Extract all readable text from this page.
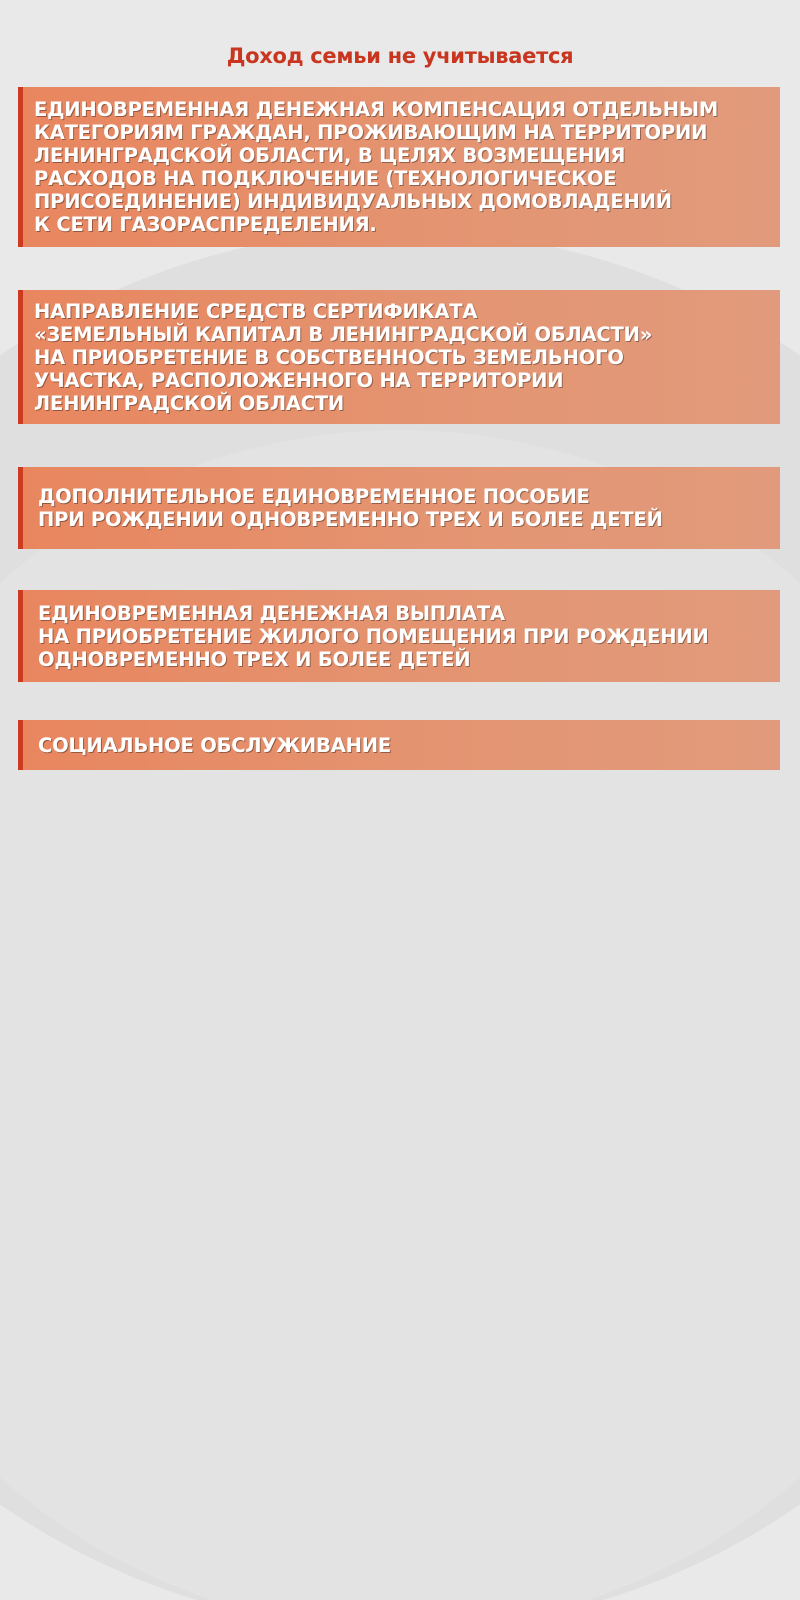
Доход семьи не учитывается
ЕДИНОВРЕМЕННАЯ ДЕНЕЖНАЯ КОМПЕНСАЦИЯ ОТДЕЛЬНЫМ
КАТЕГОРИЯМ ГРАЖДАН, ПРОЖИВАЮЩИМ НА ТЕРРИТОРИИ
ЛЕНИНГРАДСКОЙ ОБЛАСТИ, В ЦЕЛЯХ ВОЗМЕЩЕНИЯ
РАСХОДОВ НА ПОДКЛЮЧЕНИЕ (ТЕХНОЛОГИЧЕСКОЕ
ПРИСОЕДИНЕНИЕ) ИНДИВИДУАЛЬНЫХ ДОМОВЛАДЕНИЙ
К СЕТИ ГАЗОРАСПРЕДЕЛЕНИЯ.
НАПРАВЛЕНИЕ СРЕДСТВ СЕРТИФИКАТА
«ЗЕМЕЛЬНЫЙ КАПИТАЛ В ЛЕНИНГРАДСКОЙ ОБЛАСТИ»
НА ПРИОБРЕТЕНИЕ В СОБСТВЕННОСТЬ ЗЕМЕЛЬНОГО
УЧАСТКА, РАСПОЛОЖЕННОГО НА ТЕРРИТОРИИ
ЛЕНИНГРАДСКОЙ ОБЛАСТИ
ДОПОЛНИТЕЛЬНОЕ ЕДИНОВРЕМЕННОЕ ПОСОБИЕ
ПРИ РОЖДЕНИИ ОДНОВРЕМЕННО ТРЕХ И БОЛЕЕ ДЕТЕЙ
ЕДИНОВРЕМЕННАЯ ДЕНЕЖНАЯ ВЫПЛАТА
НА ПРИОБРЕТЕНИЕ ЖИЛОГО ПОМЕЩЕНИЯ ПРИ РОЖДЕНИИ
ОДНОВРЕМЕННО ТРЕХ И БОЛЕЕ ДЕТЕЙ
СОЦИАЛЬНОЕ ОБСЛУЖИВАНИЕ
